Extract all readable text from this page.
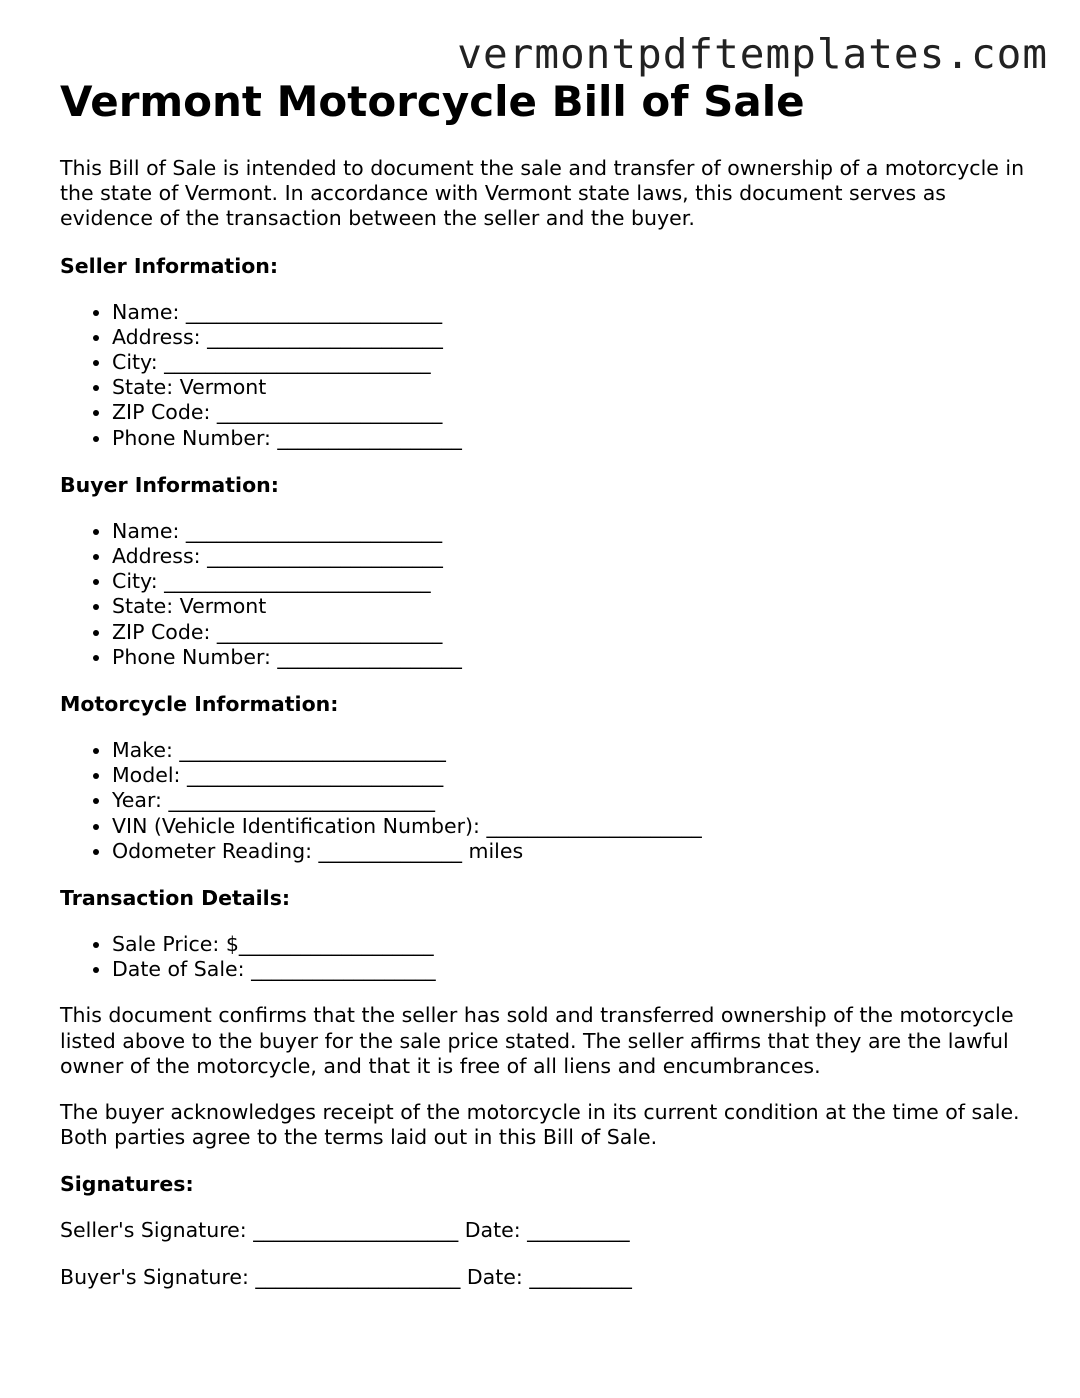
vermontpdftemplates.com
Vermont Motorcycle Bill of Sale

This Bill of Sale is intended to document the sale and transfer of ownership of a motorcycle in the state of Vermont. In accordance with Vermont state laws, this document serves as evidence of the transaction between the seller and the buyer.

Seller Information:
• Name: _________________________
• Address: _______________________
• City: __________________________
• State: Vermont
• ZIP Code: ______________________
• Phone Number: __________________
Buyer Information:
• Name: _________________________
• Address: _______________________
• City: __________________________
• State: Vermont
• ZIP Code: ______________________
• Phone Number: __________________
Motorcycle Information:
• Make: __________________________
• Model: _________________________
• Year: __________________________
• VIN (Vehicle Identification Number): _____________________
• Odometer Reading: ______________ miles
Transaction Details:
• Sale Price: $___________________
• Date of Sale: __________________

This document confirms that the seller has sold and transferred ownership of the motorcycle listed above to the buyer for the sale price stated. The seller affirms that they are the lawful owner of the motorcycle, and that it is free of all liens and encumbrances.

The buyer acknowledges receipt of the motorcycle in its current condition at the time of sale. Both parties agree to the terms laid out in this Bill of Sale.

Signatures:
Seller's Signature: ____________________ Date: __________
Buyer's Signature: ____________________ Date: __________
